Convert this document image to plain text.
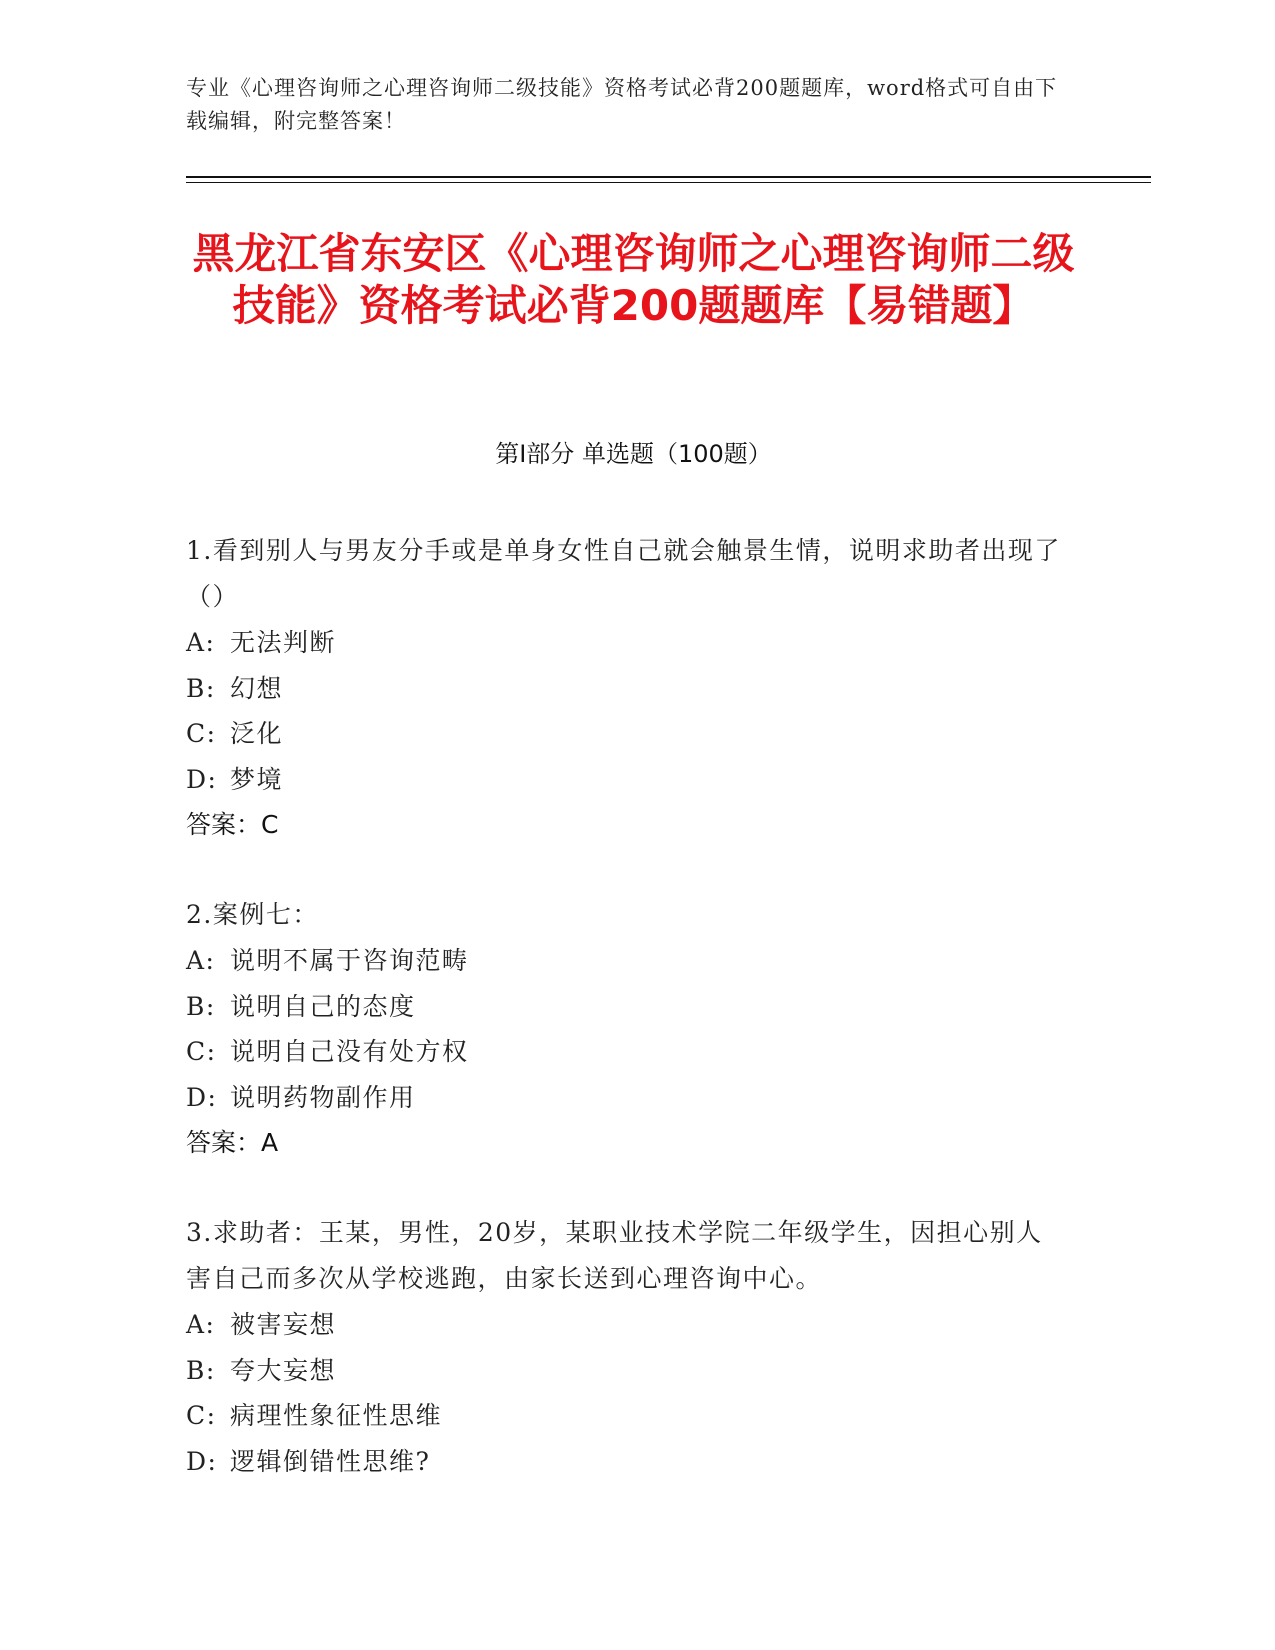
专业《心理咨询师之心理咨询师二级技能》资格考试必背200题题库，word格式可自由下载编辑，附完整答案！
黑龙江省东安区《心理咨询师之心理咨询师二级技能》资格考试必背200题题库【易错题】
第Ⅰ部分 单选题（100题）
1.看到别人与男友分手或是单身女性自己就会触景生情，说明求助者出现了（）
A: 无法判断
B: 幻想
C: 泛化
D: 梦境
答案：C
2.案例七：
A: 说明不属于咨询范畴
B: 说明自己的态度
C: 说明自己没有处方权
D: 说明药物副作用
答案：A
3.求助者：王某，男性，20岁，某职业技术学院二年级学生，因担心别人害自己而多次从学校逃跑，由家长送到心理咨询中心。
A: 被害妄想
B: 夸大妄想
C: 病理性象征性思维
D: 逻辑倒错性思维?
